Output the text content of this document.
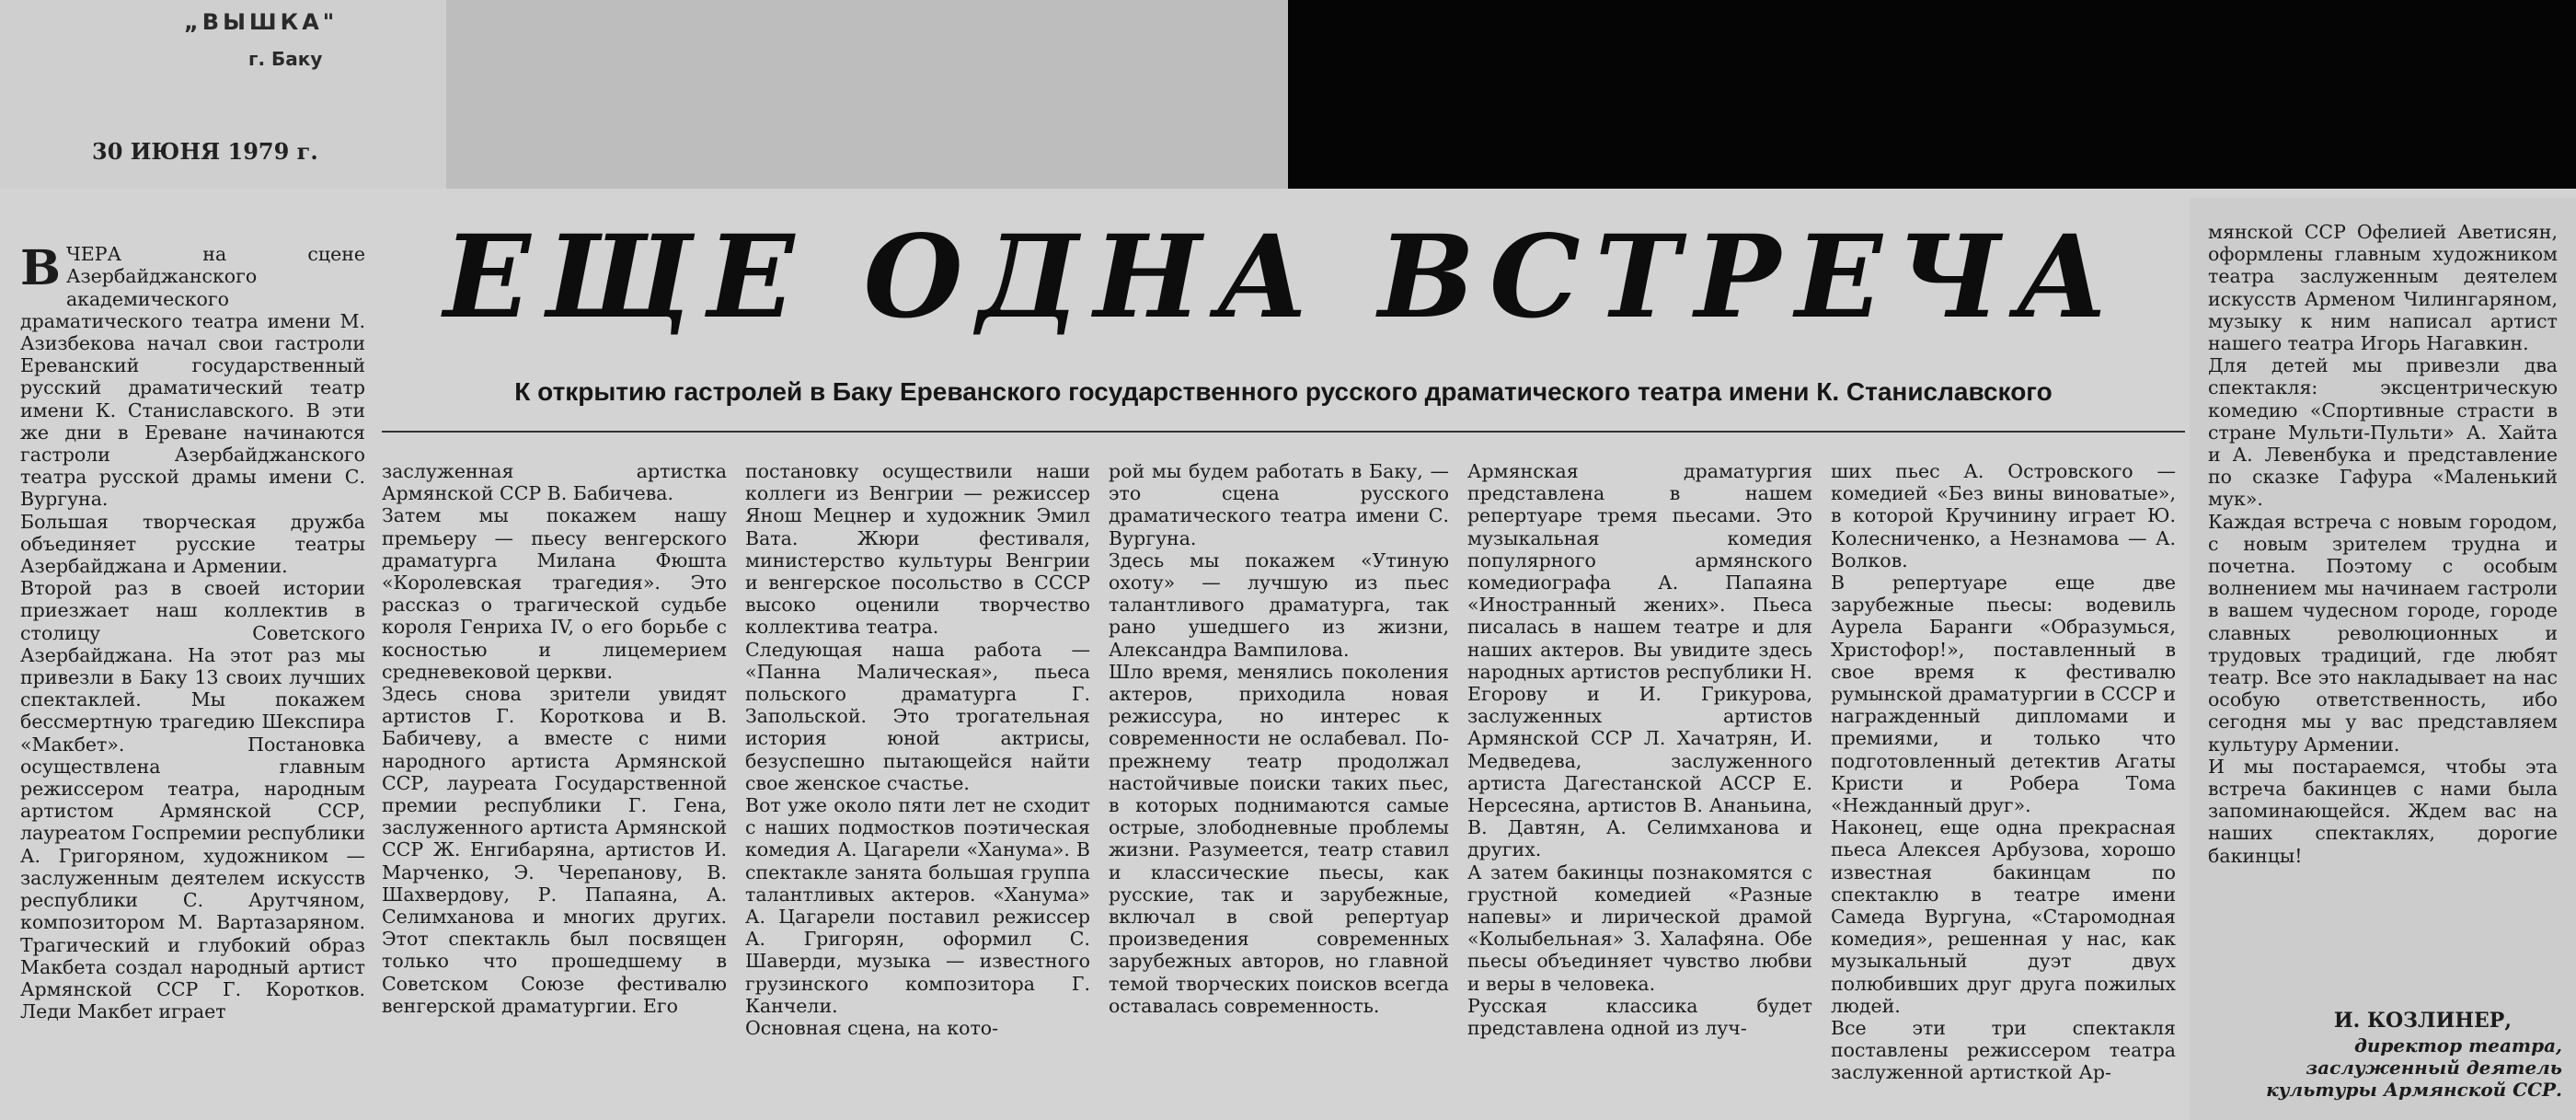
„ВЫШКА"
г. Баку
30 ИЮНЯ 1979 г.
ЕЩЕ ОДНА ВСТРЕЧА
К открытию гастролей в Баку Ереванского государственного русского драматического театра имени К. Станиславского

ВЧЕРА на сцене Азербайджанского академического драматического театра имени М. Азизбекова начал свои гастроли Ереванский государственный русский драматический театр имени К. Станиславского. В эти же дни в Ереване начинаются гастроли Азербайджанского театра русской драмы имени С. Вургуна.
Большая творческая дружба объединяет русские театры Азербайджана и Армении.
Второй раз в своей истории приезжает наш коллектив в столицу Советского Азербайджана. На этот раз мы привезли в Баку 13 своих лучших спектаклей. Мы покажем бессмертную трагедию Шекспира «Макбет». Постановка осуществлена главным режиссером театра, народным артистом Армянской ССР, лауреатом Госпремии республики А. Григоряном, художником — заслуженным деятелем искусств республики С. Арутчяном, композитором М. Вартазаряном. Трагический и глубокий образ Макбета создал народный артист Армянской ССР Г. Коротков. Леди Макбет играет

заслуженная артистка Армянской ССР В. Бабичева.
Затем мы покажем нашу премьеру — пьесу венгерского драматурга Милана Фюшта «Королевская трагедия». Это рассказ о трагической судьбе короля Генриха IV, о его борьбе с косностью и лицемерием средневековой церкви.
Здесь снова зрители увидят артистов Г. Короткова и В. Бабичеву, а вместе с ними народного артиста Армянской ССР, лауреата Государственной премии республики Г. Гена, заслуженного артиста Армянской ССР Ж. Енгибаряна, артистов И. Марченко, Э. Черепанову, В. Шахвердову, Р. Папаяна, А. Селимханова и многих других. Этот спектакль был посвящен только что прошедшему в Советском Союзе фестивалю венгерской драматургии. Его
постановку осуществили наши коллеги из Венгрии — режиссер Янош Мецнер и художник Эмил Вата. Жюри фестиваля, министерство культуры Венгрии и венгерское посольство в СССР высоко оценили творчество коллектива театра.
Следующая наша работа — «Панна Малическая», пьеса польского драматурга Г. Запольской. Это трогательная история юной актрисы, безуспешно пытающейся найти свое женское счастье.
Вот уже около пяти лет не сходит с наших подмостков поэтическая комедия А. Цагарели «Ханума». В спектакле занята большая группа талантливых актеров. «Ханума» А. Цагарели поставил режиссер А. Григорян, оформил С. Шаверди, музыка — известного грузинского композитора Г. Канчели.
Основная сцена, на кото-
рой мы будем работать в Баку, — это сцена русского драматического театра имени С. Вургуна.
Здесь мы покажем «Утиную охоту» — лучшую из пьес талантливого драматурга, так рано ушедшего из жизни, Александра Вампилова.
Шло время, менялись поколения актеров, приходила новая режиссура, но интерес к современности не ослабевал. По-прежнему театр продолжал настойчивые поиски таких пьес, в которых поднимаются самые острые, злободневные проблемы жизни. Разумеется, театр ставил и классические пьесы, как русские, так и зарубежные, включал в свой репертуар произведения современных зарубежных авторов, но главной темой творческих поисков всегда оставалась современность.
Армянская драматургия представлена в нашем репертуаре тремя пьесами. Это музыкальная комедия популярного армянского комедиографа А. Папаяна «Иностранный жених». Пьеса писалась в нашем театре и для наших актеров. Вы увидите здесь народных артистов республики Н. Егорову и И. Грикурова, заслуженных артистов Армянской ССР Л. Хачатрян, И. Медведева, заслуженного артиста Дагестанской АССР Е. Нерсесяна, артистов В. Ананьина, В. Давтян, А. Селимханова и других.
А затем бакинцы познакомятся с грустной комедией «Разные напевы» и лирической драмой «Колыбельная» З. Халафяна. Обе пьесы объединяет чувство любви и веры в человека.
Русская классика будет представлена одной из луч-
ших пьес А. Островского — комедией «Без вины виноватые», в которой Кручинину играет Ю. Колесниченко, а Незнамова — А. Волков.
В репертуаре еще две зарубежные пьесы: водевиль Аурела Баранги «Образумься, Христофор!», поставленный в свое время к фестивалю румынской драматургии в СССР и награжденный дипломами и премиями, и только что подготовленный детектив Агаты Кристи и Робера Тома «Нежданный друг».
Наконец, еще одна прекрасная пьеса Алексея Арбузова, хорошо известная бакинцам по спектаклю в театре имени Самеда Вургуна, «Старомодная комедия», решенная у нас, как музыкальный дуэт двух полюбивших друг друга пожилых людей.
Все эти три спектакля поставлены режиссером театра заслуженной артисткой Ар-
мянской ССР Офелией Аветисян, оформлены главным художником театра заслуженным деятелем искусств Арменом Чилингаряном, музыку к ним написал артист нашего театра Игорь Нагавкин.
Для детей мы привезли два спектакля: эксцентрическую комедию «Спортивные страсти в стране Мульти-Пульти» А. Хайта и А. Левенбука и представление по сказке Гафура «Маленький мук».
Каждая встреча с новым городом, с новым зрителем трудна и почетна. Поэтому с особым волнением мы начинаем гастроли в вашем чудесном городе, городе славных революционных и трудовых традиций, где любят театр. Все это накладывает на нас особую ответственность, ибо сегодня мы у вас представляем культуру Армении.
И мы постараемся, чтобы эта встреча бакинцев с нами была запоминающейся. Ждем вас на наших спектаклях, дорогие бакинцы!
И. КОЗЛИНЕР,
директор театра, заслуженный деятель культуры Армянской ССР.
